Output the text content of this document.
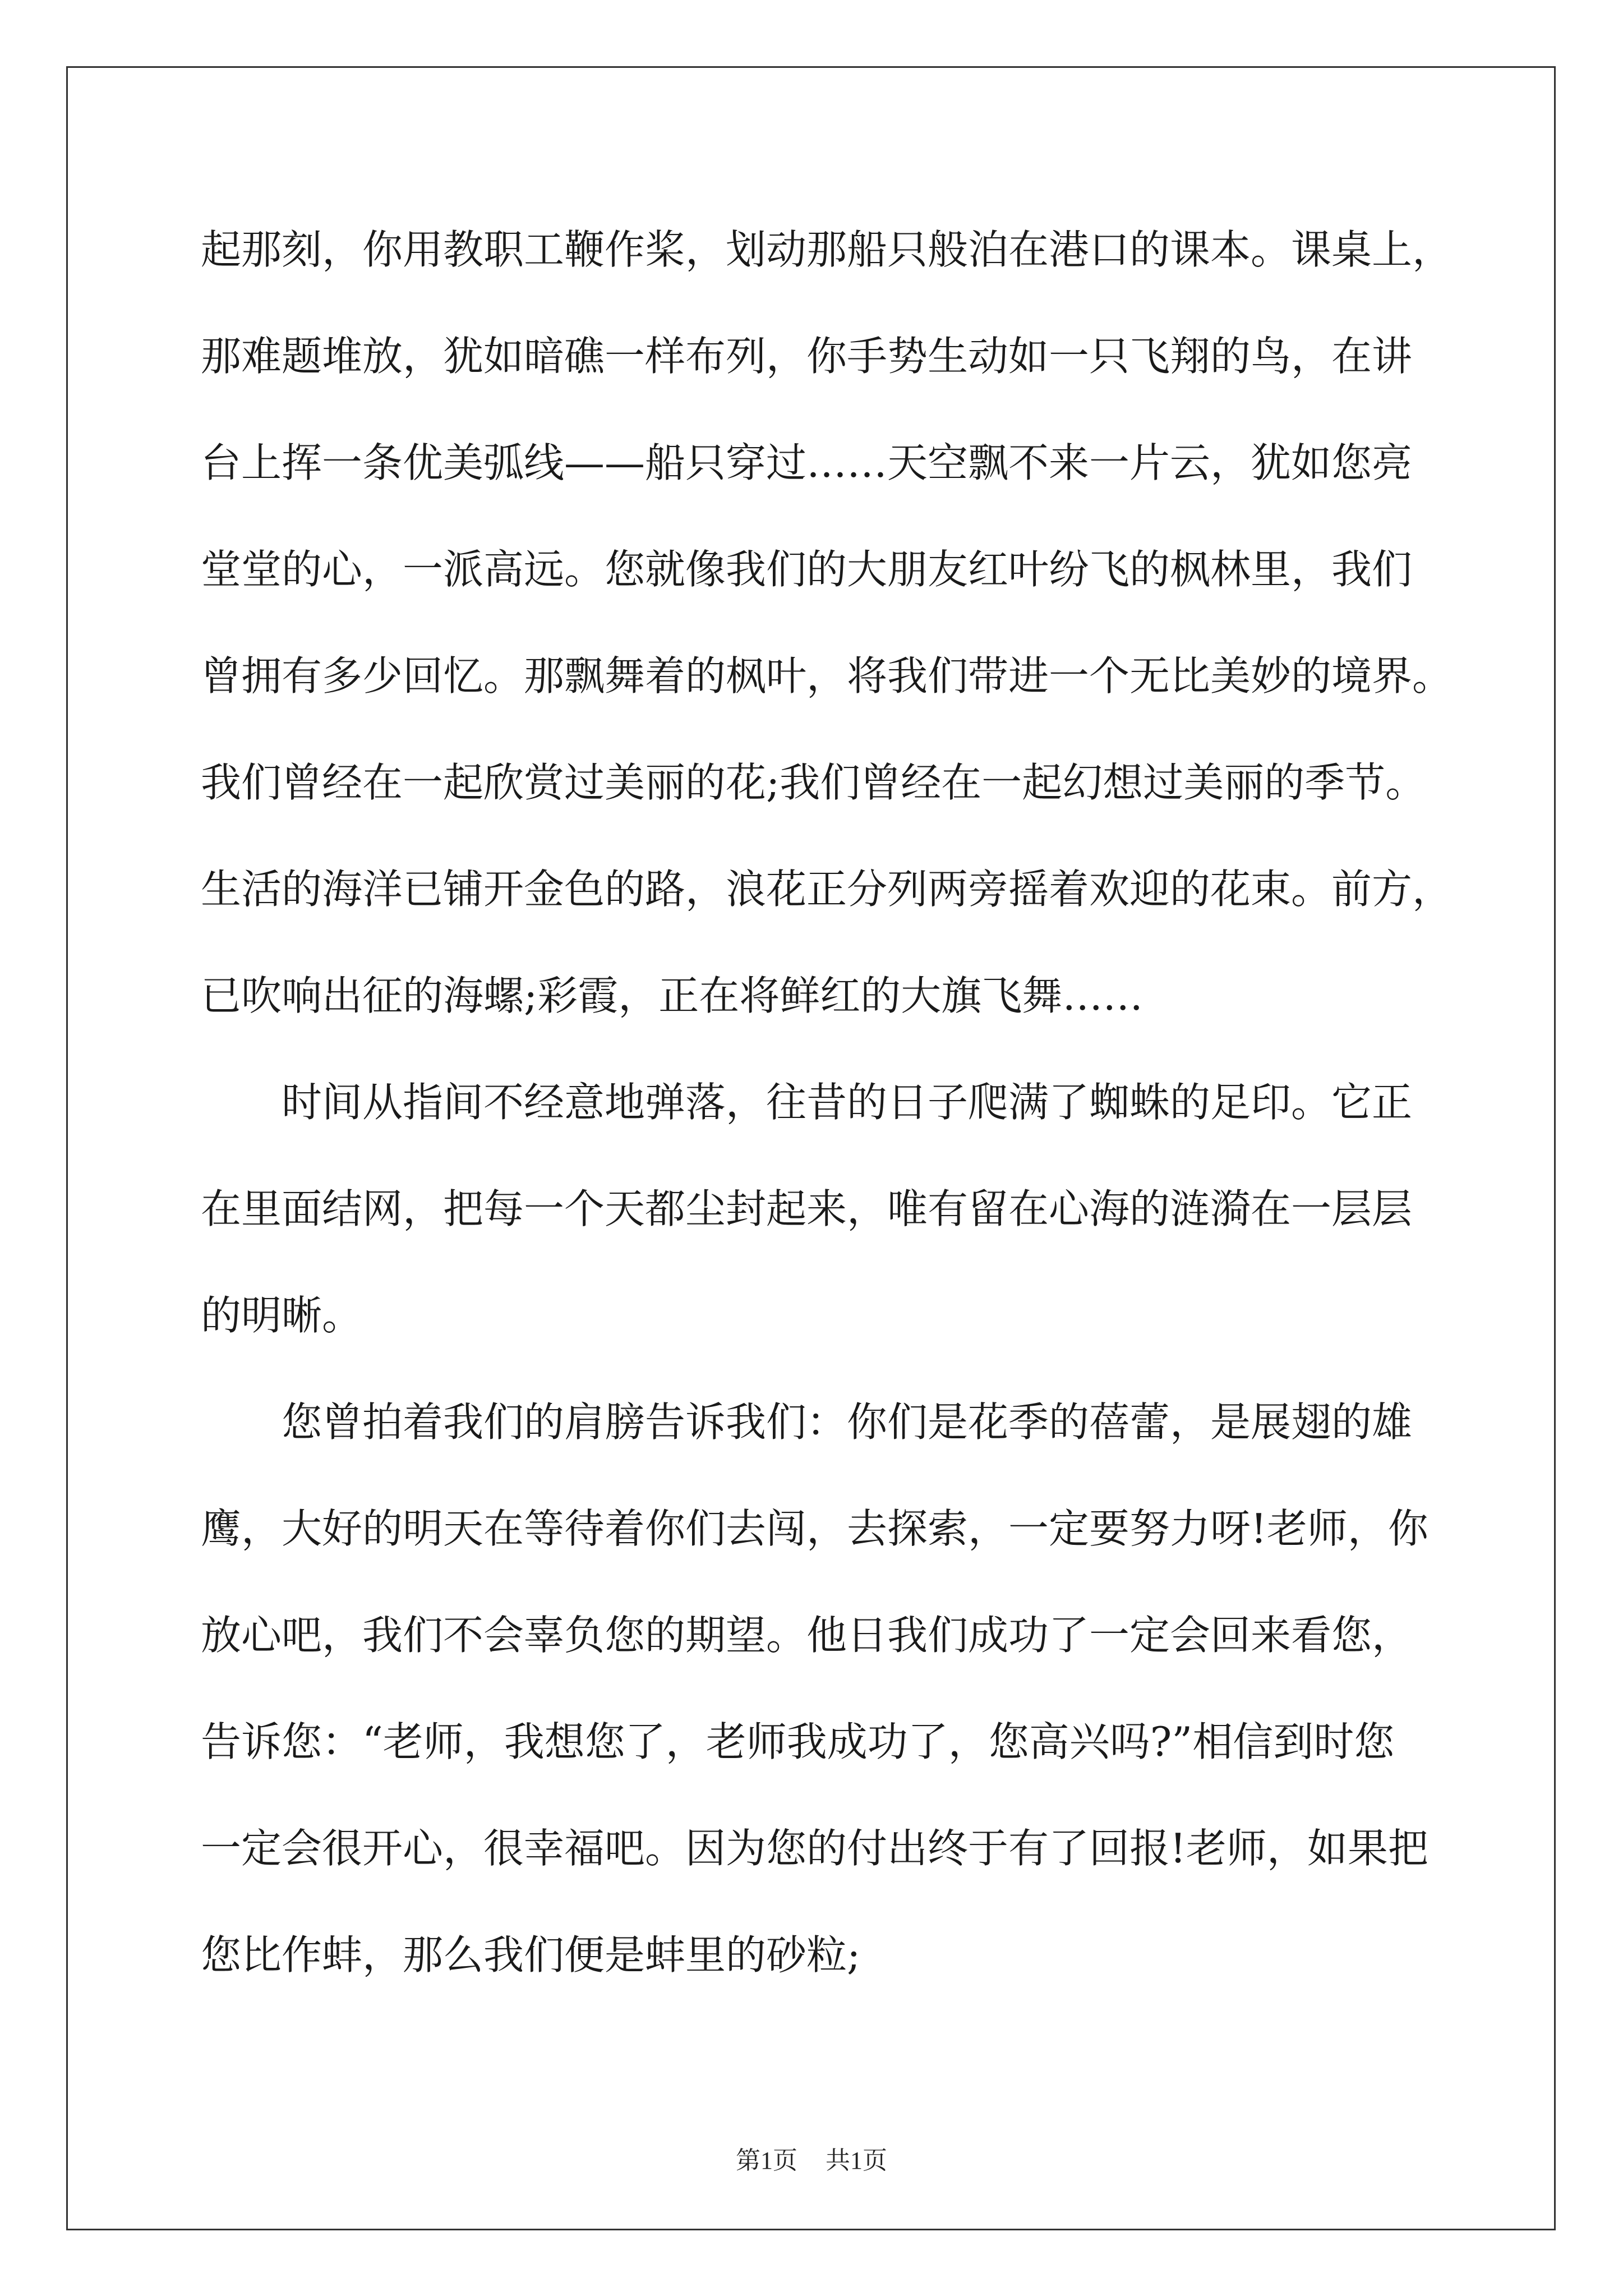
起那刻，你用教职工鞭作桨，划动那船只般泊在港口的课本。课桌上，
那难题堆放，犹如暗礁一样布列，你手势生动如一只飞翔的鸟，在讲
台上挥一条优美弧线——船只穿过……天空飘不来一片云，犹如您亮
堂堂的心，一派高远。您就像我们的大朋友红叶纷飞的枫林里，我们
曾拥有多少回忆。那飘舞着的枫叶，将我们带进一个无比美妙的境界。
我们曾经在一起欣赏过美丽的花;我们曾经在一起幻想过美丽的季节。
生活的海洋已铺开金色的路，浪花正分列两旁摇着欢迎的花束。前方，
已吹响出征的海螺;彩霞，正在将鲜红的大旗飞舞……
时间从指间不经意地弹落，往昔的日子爬满了蜘蛛的足印。它正
在里面结网，把每一个天都尘封起来，唯有留在心海的涟漪在一层层
的明晰。
您曾拍着我们的肩膀告诉我们：你们是花季的蓓蕾，是展翅的雄
鹰，大好的明天在等待着你们去闯，去探索，一定要努力呀!老师，你
放心吧，我们不会辜负您的期望。他日我们成功了一定会回来看您，
告诉您：“老师，我想您了，老师我成功了，您高兴吗?”相信到时您
一定会很开心，很幸福吧。因为您的付出终于有了回报!老师，如果把
您比作蚌，那么我们便是蚌里的砂粒;
第1页 共1页
